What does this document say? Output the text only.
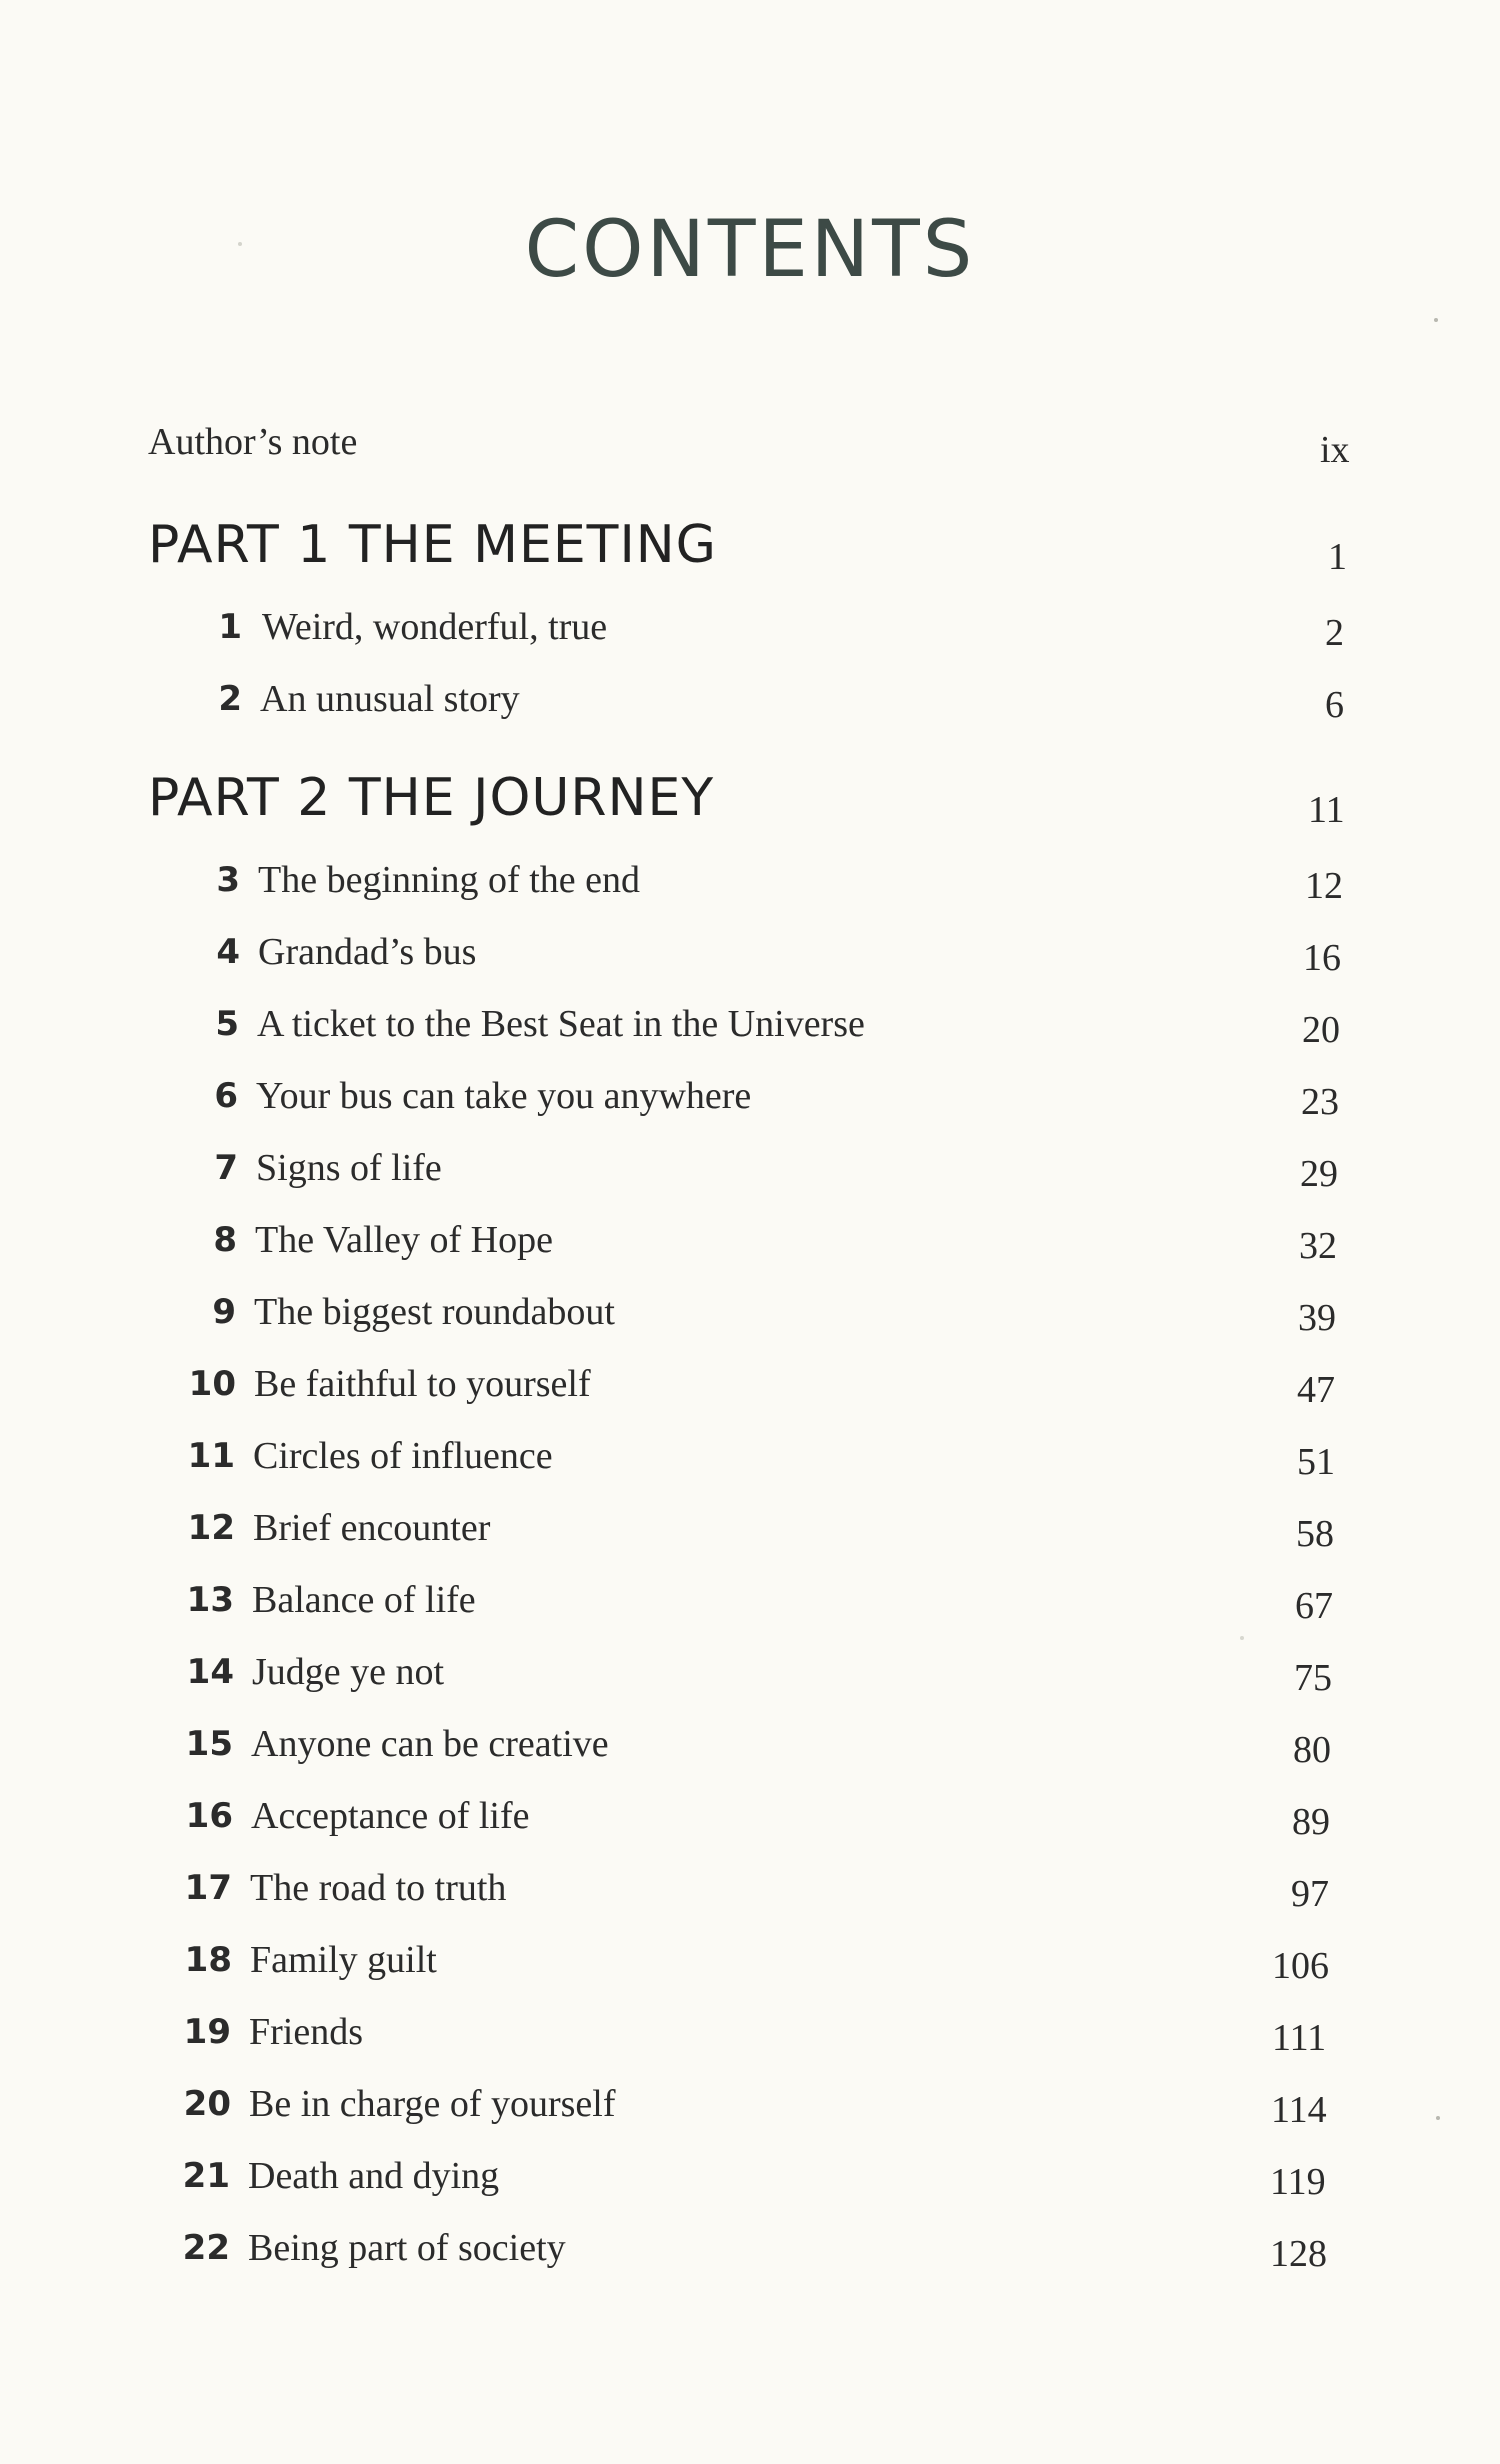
CONTENTS
Author’s note	ix
PART 1 THE MEETING	1
1 Weird, wonderful, true	2
2 An unusual story	6
PART 2 THE JOURNEY	11
3 The beginning of the end	12
4 Grandad’s bus	16
5 A ticket to the Best Seat in the Universe	20
6 Your bus can take you anywhere	23
7 Signs of life	29
8 The Valley of Hope	32
9 The biggest roundabout	39
10 Be faithful to yourself	47
11 Circles of influence	51
12 Brief encounter	58
13 Balance of life	67
14 Judge ye not	75
15 Anyone can be creative	80
16 Acceptance of life	89
17 The road to truth	97
18 Family guilt	106
19 Friends	111
20 Be in charge of yourself	114
21 Death and dying	119
22 Being part of society	128
